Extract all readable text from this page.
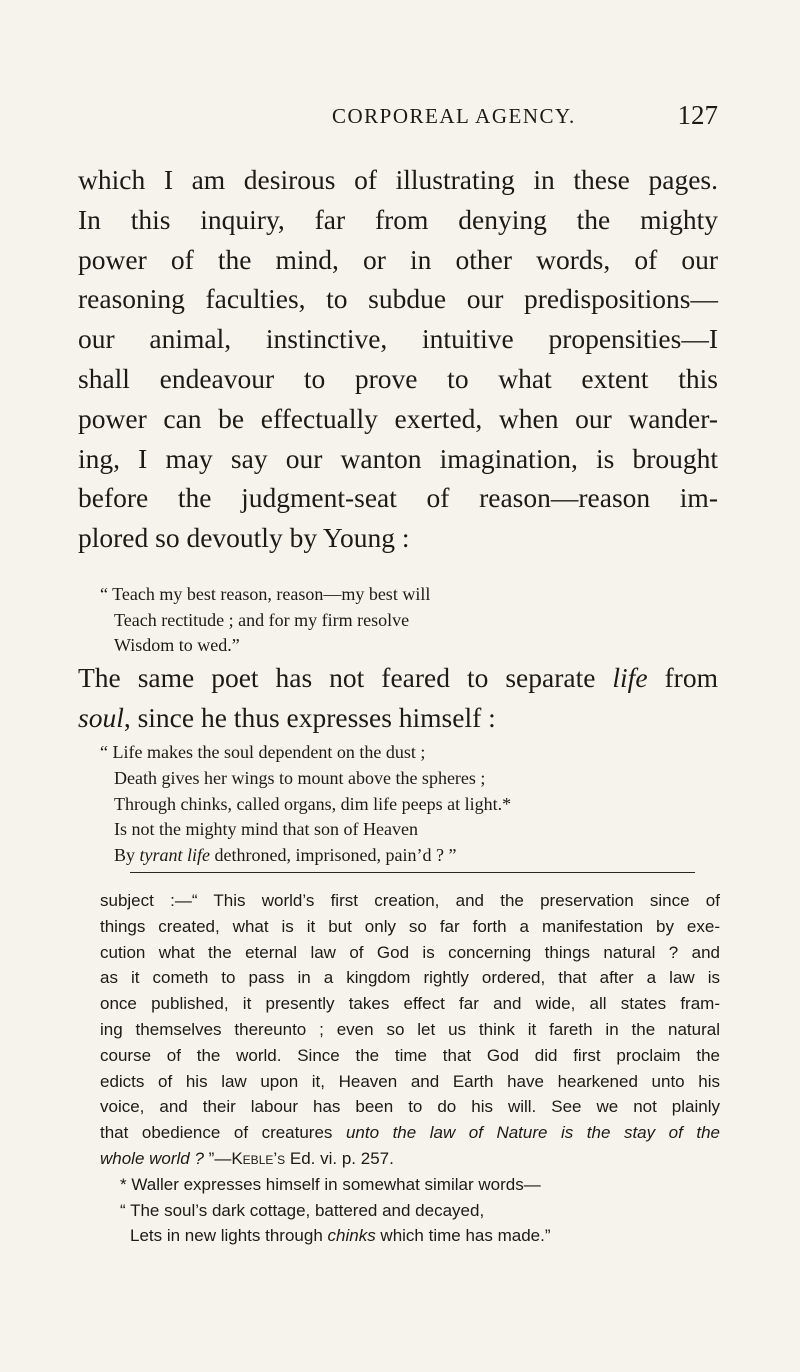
CORPOREAL AGENCY.	127
which I am desirous of illustrating in these pages.
In this inquiry, far from denying the mighty
power of the mind, or in other words, of our
reasoning faculties, to subdue our predispositions—
our animal, instinctive, intuitive propensities—I
shall endeavour to prove to what extent this
power can be effectually exerted, when our wander-
ing, I may say our wanton imagination, is brought
before the judgment-seat of reason—reason im-
plored so devoutly by Young :
“ Teach my best reason, reason—my best will
Teach rectitude ; and for my firm resolve
Wisdom to wed.”
The same poet has not feared to separate life from
soul, since he thus expresses himself :
“ Life makes the soul dependent on the dust ;
Death gives her wings to mount above the spheres ;
Through chinks, called organs, dim life peeps at light.*
Is not the mighty mind that son of Heaven
By tyrant life dethroned, imprisoned, pain’d ? ”
subject :—“ This world’s first creation, and the preservation since of
things created, what is it but only so far forth a manifestation by exe-
cution what the eternal law of God is concerning things natural ? and
as it cometh to pass in a kingdom rightly ordered, that after a law is
once published, it presently takes effect far and wide, all states fram-
ing themselves thereunto ; even so let us think it fareth in the natural
course of the world. Since the time that God did first proclaim the
edicts of his law upon it, Heaven and Earth have hearkened unto his
voice, and their labour has been to do his will. See we not plainly
that obedience of creatures unto the law of Nature is the stay of the
whole world ? ”—Keble’s Ed. vi. p. 257.
* Waller expresses himself in somewhat similar words—
“ The soul’s dark cottage, battered and decayed,
Lets in new lights through chinks which time has made.”
